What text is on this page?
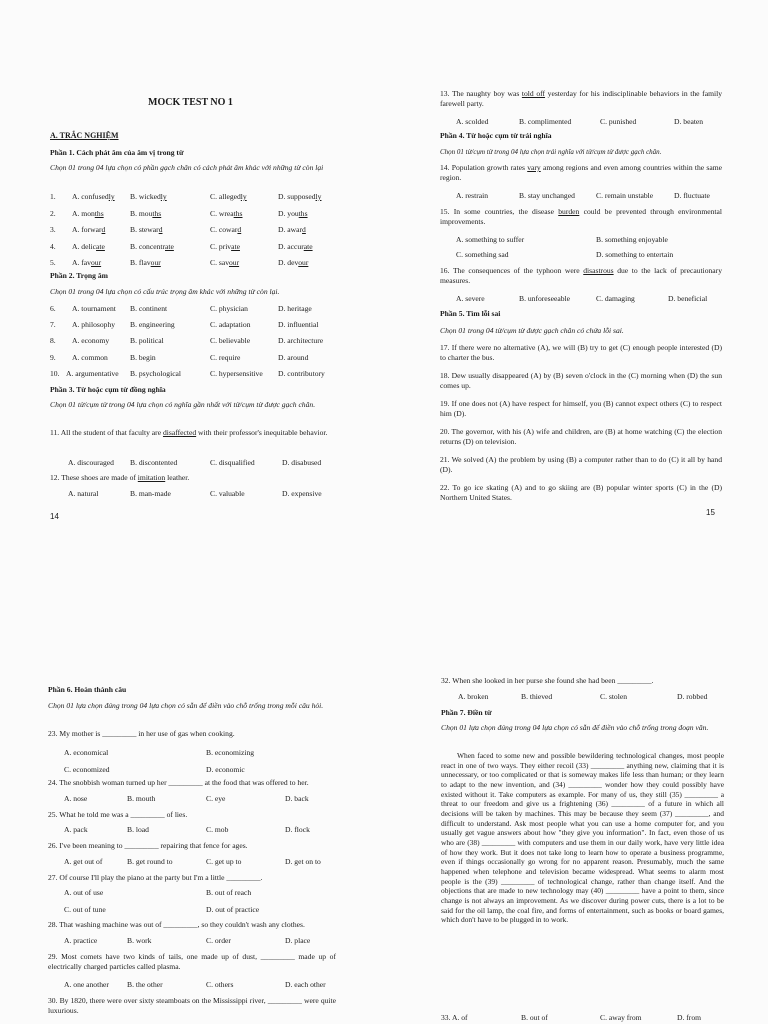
MOCK TEST NO 1
A. TRẮC NGHIỆM
Phần 1. Cách phát âm của âm vị trong từ
Chọn 01 trong 04 lựa chọn có phần gạch chân có cách phát âm khác với những từ còn lại
1. A. confusedly B. wickedly	C. allegedly	D. supposedly
2. A. months	B. mouths	C. wreaths	D. youths
3. A. forward	B. steward	C. coward	D. award
4. A. delicate	B. concentrate	C. private	D. accurate
5. A. favour	B. flavour	C. savour	D. devour
Phần 2. Trọng âm
Chọn 01 trong 04 lựa chọn có cấu trúc trọng âm khác với những từ còn lại.
6. A. tournament B. continent	C. physician	D. heritage
7. A. philosophy B. engineering	C. adaptation	D. influential
8. A. economy	B. political	C. believable	D. architecture
9. A. common	B. begin	C. require	D. around
10. A. argumentative B. psychological	C. hypersensitive D. contributory
Phần 3. Từ hoặc cụm từ đồng nghĩa
Chọn 01 từ/cụm từ trong 04 lựa chọn có nghĩa gần nhất với từ/cụm từ được gạch chân.
11. All the student of that faculty are disaffected with their professor's inequitable behavior.
A. discouraged B. discontented	C. disqualified	D. disabused
12. These shoes are made of imitation leather.
A. natural	B. man-made	C. valuable	D. expensive
14
13. The naughty boy was told off yesterday for his indisciplinable behaviors in the family farewell party.
A. scolded	B. complimented	C. punished	D. beaten
Phần 4. Từ hoặc cụm từ trái nghĩa
Chọn 01 từ/cụm từ trong 04 lựa chọn trái nghĩa với từ/cụm từ được gạch chân.
14. Population growth rates vary among regions and even among countries within the same region.
A. restrain	B. stay unchanged	C. remain unstable	D. fluctuate
15. In some countries, the disease burden could be prevented through environmental improvements.
A. something to suffer	B. something enjoyable
C. something sad	D. something to entertain
16. The consequences of the typhoon were disastrous due to the lack of precautionary measures.
A. severe	B. unforeseeable	C. damaging	D. beneficial
Phần 5. Tìm lỗi sai
Chọn 01 trong 04 từ/cụm từ được gạch chân có chứa lỗi sai.
17. If there were no alternative (A), we will (B) try to get (C) enough people interested (D) to charter the bus.
18. Dew usually disappeared (A) by (B) seven o'clock in the (C) morning when (D) the sun comes up.
19. If one does not (A) have respect for himself, you (B) cannot expect others (C) to respect him (D).
20. The governor, with his (A) wife and children, are (B) at home watching (C) the election returns (D) on television.
21. We solved (A) the problem by using (B) a computer rather than to do (C) it all by hand (D).
22. To go ice skating (A) and to go skiing are (B) popular winter sports (C) in the (D) Northern United States.
15
Phần 6. Hoàn thành câu
Chọn 01 lựa chọn đúng trong 04 lựa chọn có sẵn để điền vào chỗ trống trong mỗi câu hỏi.
23. My mother is _________ in her use of gas when cooking.
A. economical	B. economizing
C. economized	D. economic
24. The snobbish woman turned up her _________ at the food that was offered to her.
A. nose	B. mouth	C. eye	D. back
25. What he told me was a _________ of lies.
A. pack	B. load	C. mob	D. flock
26. I've been meaning to _________ repairing that fence for ages.
A. get out of	B. get round to	C. get up to	D. get on to
27. Of course I'll play the piano at the party but I'm a little _________.
A. out of use	B. out of reach
C. out of tune	D. out of practice
28. That washing machine was out of _________, so they couldn't wash any clothes.
A. practice	B. work	C. order	D. place
29. Most comets have two kinds of tails, one made up of dust, _________ made up of electrically charged particles called plasma.
A. one another B. the other	C. others	D. each other
30. By 1820, there were over sixty steamboats on the Mississippi river, _________ were quite luxurious.
32. When she looked in her purse she found she had been _________.
A. broken	B. thieved	C. stolen	D. robbed
Phần 7. Điền từ
Chọn 01 lựa chọn đúng trong 04 lựa chọn có sẵn để điền vào chỗ trống trong đoạn văn.
When faced to some new and possible bewildering technological changes, most people react in one of two ways. They either recoil (33) _________ anything new, claiming that it is unnecessary, or too complicated or that is someway makes life less than human; or they learn to adapt to the new invention, and (34) _________ wonder how they could possibly have existed without it. Take computers as example. For many of us, they still (35) _________ a threat to our freedom and give us a frightening (36) _________ of a future in which all decisions will be taken by machines. This may be because they seem (37) _________, and difficult to understand. Ask most people what you can use a home computer for, and you usually get vague answers about how "they give you information". In fact, even those of us who are (38) _________ with computers and use them in our daily work, have very little idea of how they work. But it does not take long to learn how to operate a business programme, even if things occasionally go wrong for no apparent reason. Presumably, much the same happened when telephone and television became widespread. What seems to alarm most people is the (39) _________ of technological change, rather than change itself. And the objections that are made to new technology may (40) _________ have a point to them, since change is not always an improvement. As we discover during power cuts, there is a lot to be said for the oil lamp, the coal fire, and forms of entertainment, such as books or board games, which don't have to be plugged in to work.
33. A. of	B. out of	C. away from	D. from
